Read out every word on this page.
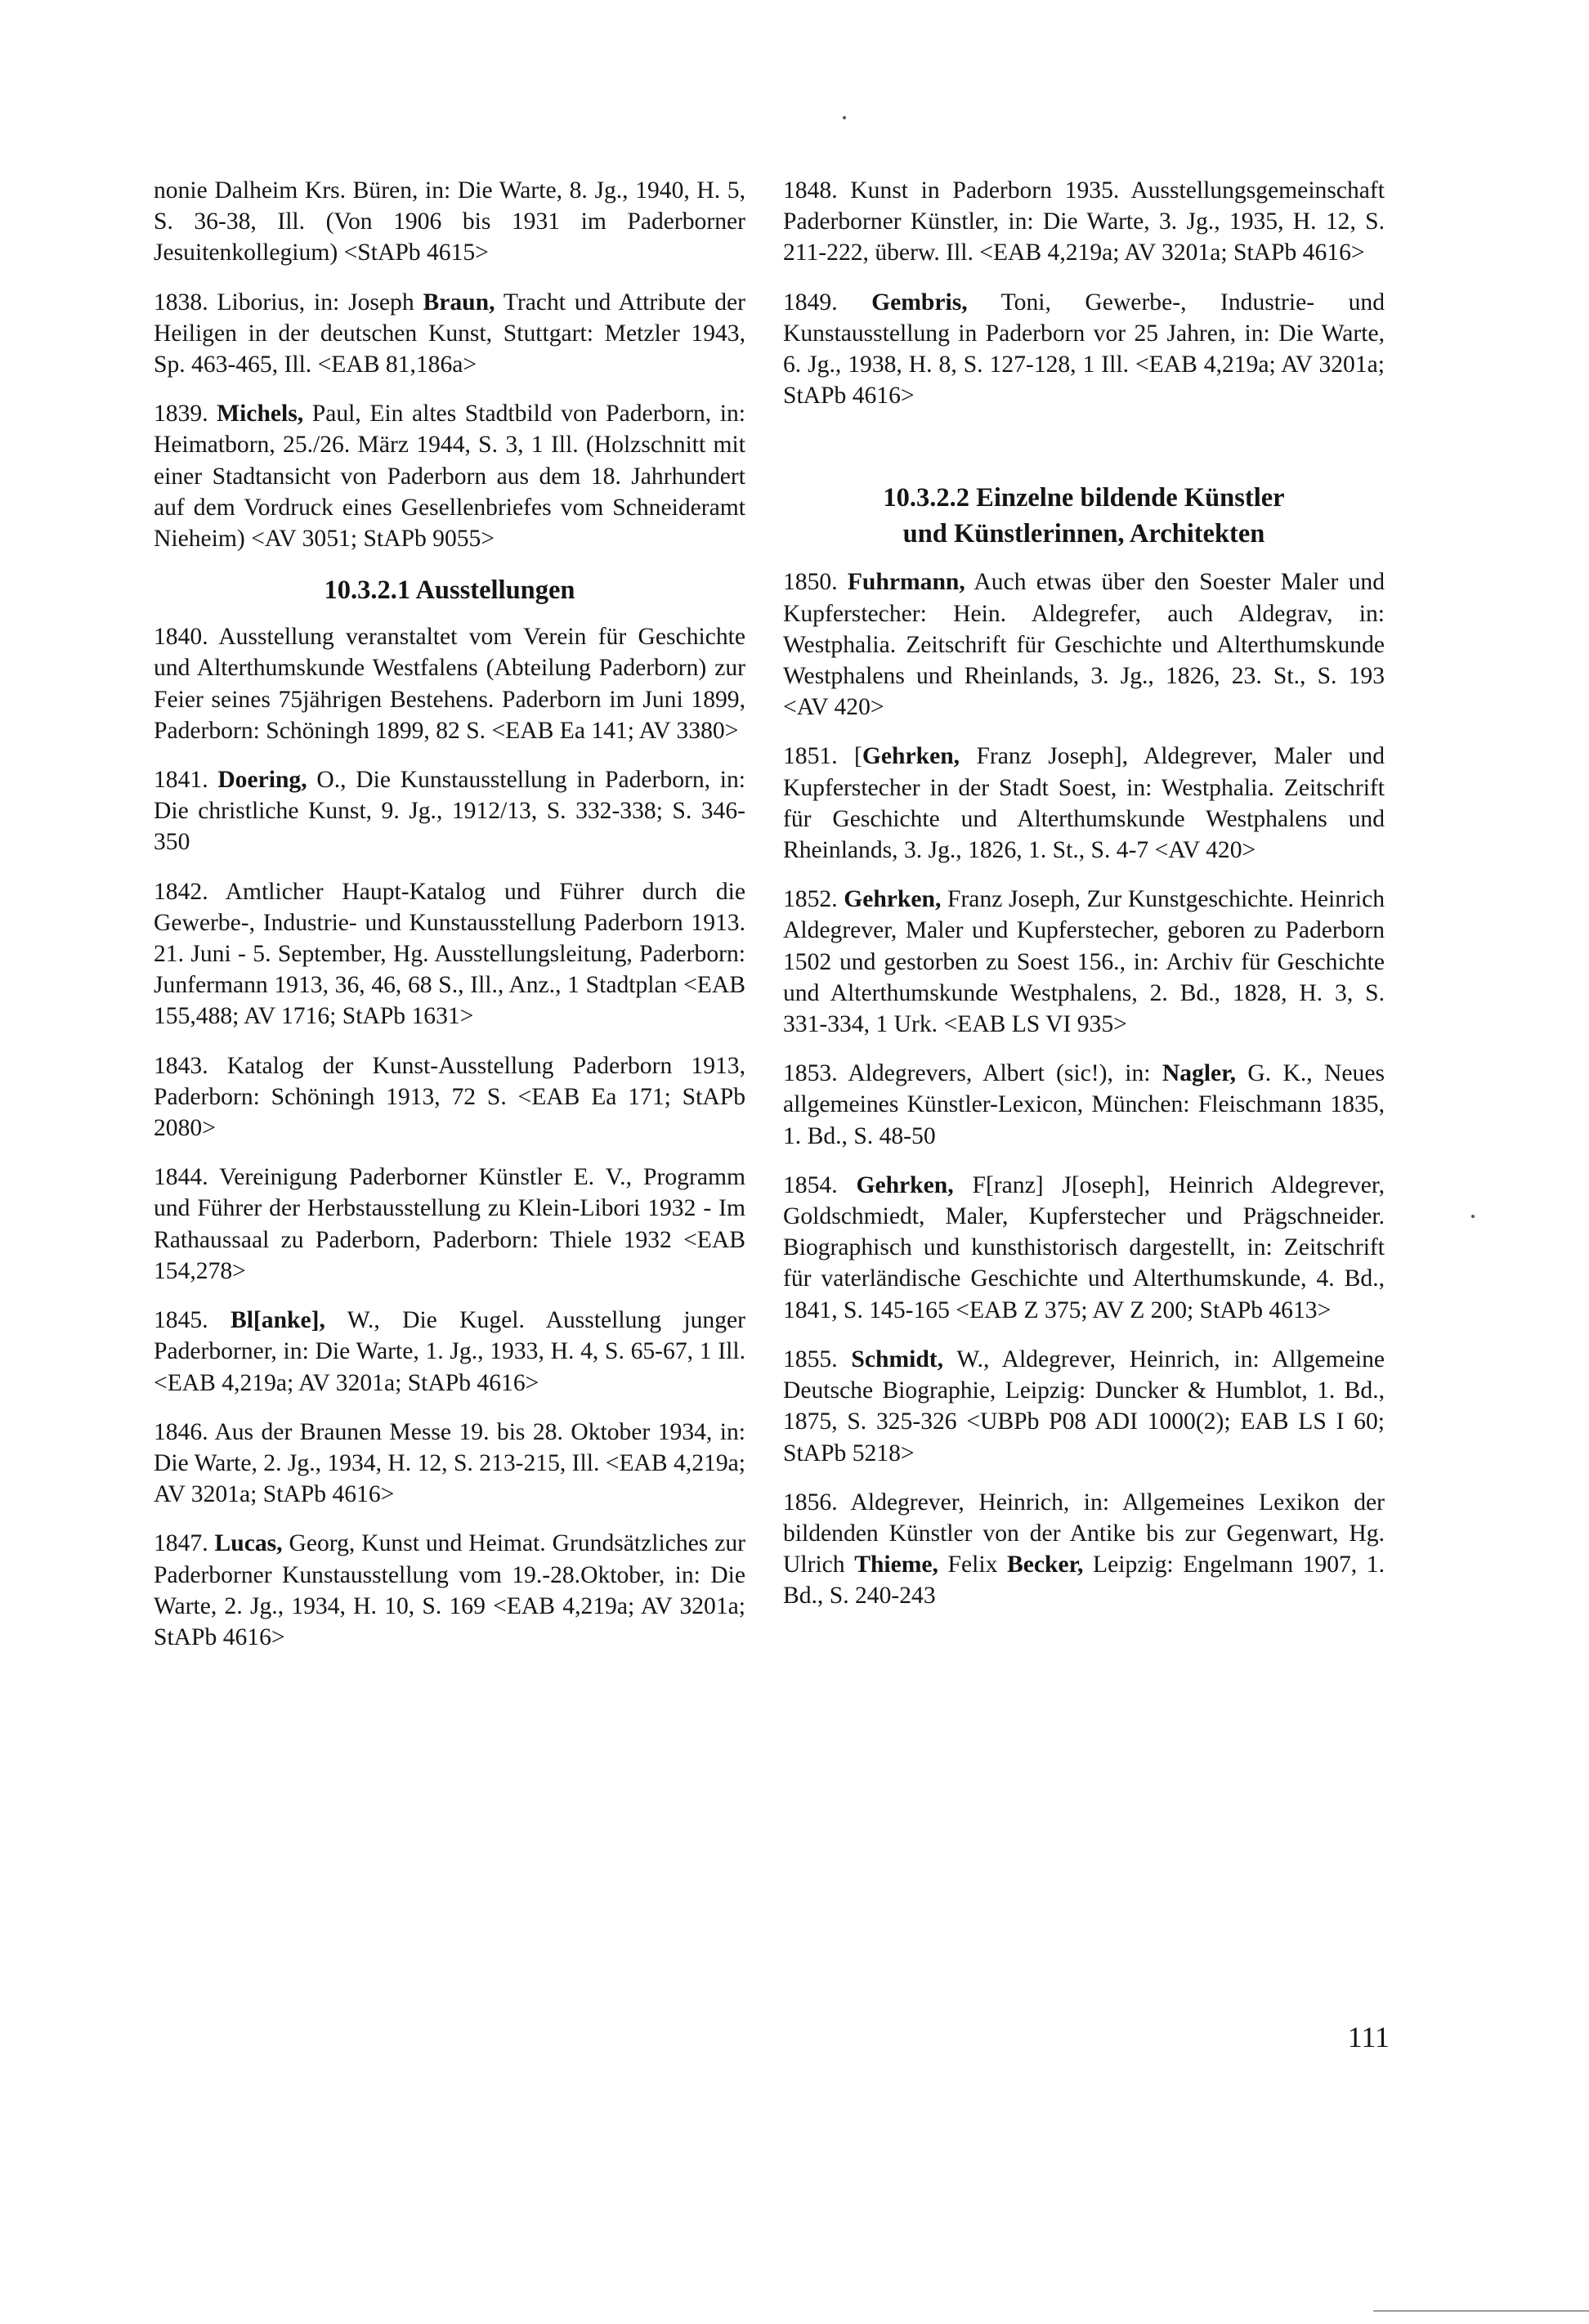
nonie Dalheim Krs. Büren, in: Die Warte, 8. Jg., 1940, H. 5, S. 36-38, Ill. (Von 1906 bis 1931 im Paderborner Jesuitenkollegium) <StAPb 4615>

1838. Liborius, in: Joseph Braun, Tracht und Attribute der Heiligen in der deutschen Kunst, Stuttgart: Metzler 1943, Sp. 463-465, Ill. <EAB 81,186a>

1839. Michels, Paul, Ein altes Stadtbild von Paderborn, in: Heimatborn, 25./26. März 1944, S. 3, 1 Ill. (Holzschnitt mit einer Stadtansicht von Paderborn aus dem 18. Jahrhundert auf dem Vordruck eines Gesellenbriefes vom Schneideramt Nieheim) <AV 3051; StAPb 9055>

10.3.2.1 Ausstellungen

1840. Ausstellung veranstaltet vom Verein für Geschichte und Alterthumskunde Westfalens (Abteilung Paderborn) zur Feier seines 75jährigen Bestehens. Paderborn im Juni 1899, Paderborn: Schöningh 1899, 82 S. <EAB Ea 141; AV 3380>

1841. Doering, O., Die Kunstausstellung in Paderborn, in: Die christliche Kunst, 9. Jg., 1912/13, S. 332-338; S. 346-350

1842. Amtlicher Haupt-Katalog und Führer durch die Gewerbe-, Industrie- und Kunstausstellung Paderborn 1913. 21. Juni - 5. September, Hg. Ausstellungsleitung, Paderborn: Junfermann 1913, 36, 46, 68 S., Ill., Anz., 1 Stadtplan <EAB 155,488; AV 1716; StAPb 1631>

1843. Katalog der Kunst-Ausstellung Paderborn 1913, Paderborn: Schöningh 1913, 72 S. <EAB Ea 171; StAPb 2080>

1844. Vereinigung Paderborner Künstler E. V., Programm und Führer der Herbstausstellung zu Klein-Libori 1932 - Im Rathaussaal zu Paderborn, Paderborn: Thiele 1932 <EAB 154,278>

1845. Bl[anke], W., Die Kugel. Ausstellung junger Paderborner, in: Die Warte, 1. Jg., 1933, H. 4, S. 65-67, 1 Ill. <EAB 4,219a; AV 3201a; StAPb 4616>

1846. Aus der Braunen Messe 19. bis 28. Oktober 1934, in: Die Warte, 2. Jg., 1934, H. 12, S. 213-215, Ill. <EAB 4,219a; AV 3201a; StAPb 4616>

1847. Lucas, Georg, Kunst und Heimat. Grundsätzliches zur Paderborner Kunstausstellung vom 19.-28.Oktober, in: Die Warte, 2. Jg., 1934, H. 10, S. 169 <EAB 4,219a; AV 3201a; StAPb 4616>

1848. Kunst in Paderborn 1935. Ausstellungsgemeinschaft Paderborner Künstler, in: Die Warte, 3. Jg., 1935, H. 12, S. 211-222, überw. Ill. <EAB 4,219a; AV 3201a; StAPb 4616>

1849. Gembris, Toni, Gewerbe-, Industrie- und Kunstausstellung in Paderborn vor 25 Jahren, in: Die Warte, 6. Jg., 1938, H. 8, S. 127-128, 1 Ill. <EAB 4,219a; AV 3201a; StAPb 4616>

10.3.2.2 Einzelne bildende Künstler
und Künstlerinnen, Architekten

1850. Fuhrmann, Auch etwas über den Soester Maler und Kupferstecher: Hein. Aldegrefer, auch Aldegrav, in: Westphalia. Zeitschrift für Geschichte und Alterthumskunde Westphalens und Rheinlands, 3. Jg., 1826, 23. St., S. 193 <AV 420>

1851. [Gehrken, Franz Joseph], Aldegrever, Maler und Kupferstecher in der Stadt Soest, in: Westphalia. Zeitschrift für Geschichte und Alterthumskunde Westphalens und Rheinlands, 3. Jg., 1826, 1. St., S. 4-7 <AV 420>

1852. Gehrken, Franz Joseph, Zur Kunstgeschichte. Heinrich Aldegrever, Maler und Kupferstecher, geboren zu Paderborn 1502 und gestorben zu Soest 156., in: Archiv für Geschichte und Alterthumskunde Westphalens, 2. Bd., 1828, H. 3, S. 331-334, 1 Urk. <EAB LS VI 935>

1853. Aldegrevers, Albert (sic!), in: Nagler, G. K., Neues allgemeines Künstler-Lexicon, München: Fleischmann 1835, 1. Bd., S. 48-50

1854. Gehrken, F[ranz] J[oseph], Heinrich Aldegrever, Goldschmiedt, Maler, Kupferstecher und Prägschneider. Biographisch und kunsthistorisch dargestellt, in: Zeitschrift für vaterländische Geschichte und Alterthumskunde, 4. Bd., 1841, S. 145-165 <EAB Z 375; AV Z 200; StAPb 4613>

1855. Schmidt, W., Aldegrever, Heinrich, in: Allgemeine Deutsche Biographie, Leipzig: Duncker & Humblot, 1. Bd., 1875, S. 325-326 <UBPb P08 ADI 1000(2); EAB LS I 60; StAPb 5218>

1856. Aldegrever, Heinrich, in: Allgemeines Lexikon der bildenden Künstler von der Antike bis zur Gegenwart, Hg. Ulrich Thieme, Felix Becker, Leipzig: Engelmann 1907, 1. Bd., S. 240-243

111
